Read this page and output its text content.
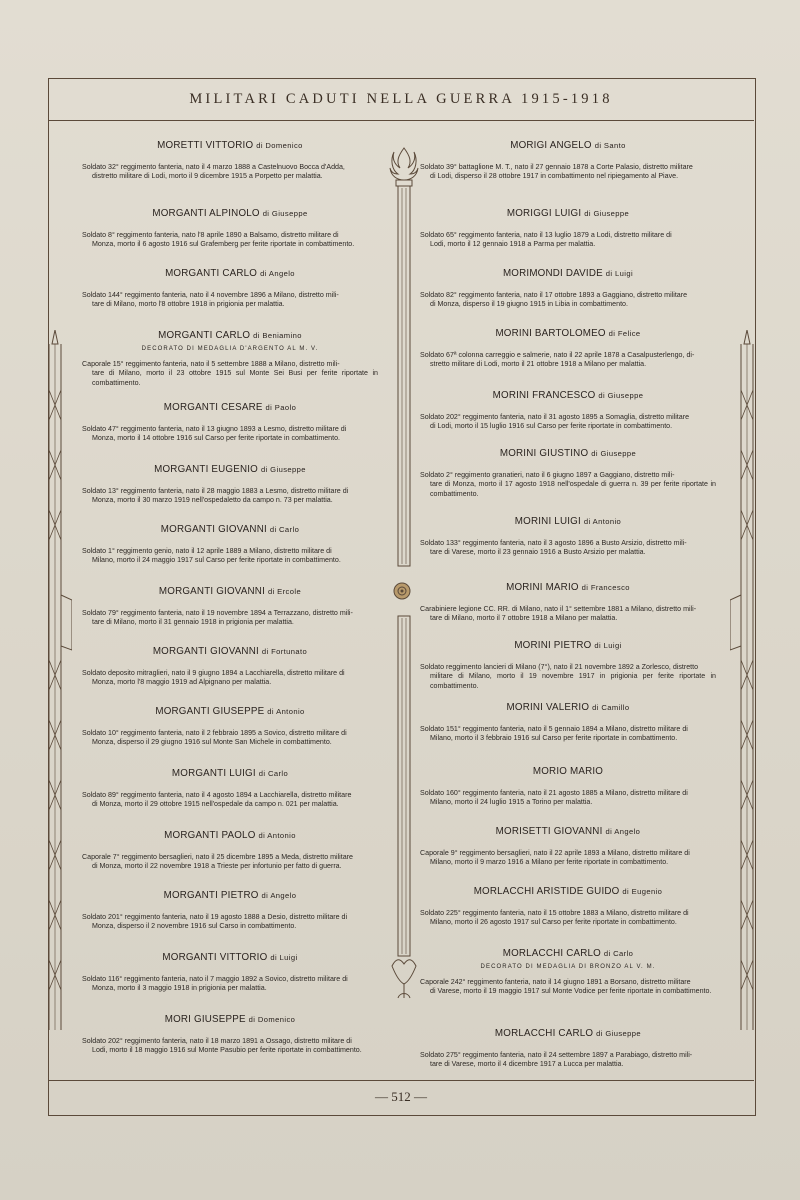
MILITARI CADUTI NELLA GUERRA 1915-1918
MORETTI VITTORIO di Domenico
Soldato 32° reggimento fanteria, nato il 4 marzo 1888 a Castelnuovo Bocca d'Adda,
distretto militare di Lodi, morto il 9 dicembre 1915 a Porpetto per malattia.
MORGANTI ALPINOLO di Giuseppe
Soldato 8° reggimento fanteria, nato l'8 aprile 1890 a Balsamo, distretto militare di
Monza, morto il 6 agosto 1916 sul Grafemberg per ferite riportate in combattimento.
MORGANTI CARLO di Angelo
Soldato 144° reggimento fanteria, nato il 4 novembre 1896 a Milano, distretto mili-
tare di Milano, morto l'8 ottobre 1918 in prigionia per malattia.
MORGANTI CARLO di Beniamino
DECORATO DI MEDAGLIA D'ARGENTO AL M. V.
Caporale 15° reggimento fanteria, nato il 5 settembre 1888 a Milano, distretto mili-
tare di Milano, morto il 23 ottobre 1915 sul Monte Sei Busi per ferite riportate in combattimento.
MORGANTI CESARE di Paolo
Soldato 47° reggimento fanteria, nato il 13 giugno 1893 a Lesmo, distretto militare di
Monza, morto il 14 ottobre 1916 sul Carso per ferite riportate in combattimento.
MORGANTI EUGENIO di Giuseppe
Soldato 13° reggimento fanteria, nato il 28 maggio 1883 a Lesmo, distretto militare di
Monza, morto il 30 marzo 1919 nell'ospedaletto da campo n. 73 per malattia.
MORGANTI GIOVANNI di Carlo
Soldato 1° reggimento genio, nato il 12 aprile 1889 a Milano, distretto militare di
Milano, morto il 24 maggio 1917 sul Carso per ferite riportate in combattimento.
MORGANTI GIOVANNI di Ercole
Soldato 79° reggimento fanteria, nato il 19 novembre 1894 a Terrazzano, distretto mili-
tare di Milano, morto il 31 gennaio 1918 in prigionia per malattia.
MORGANTI GIOVANNI di Fortunato
Soldato deposito mitraglieri, nato il 9 giugno 1894 a Lacchiarella, distretto militare di
Monza, morto l'8 maggio 1919 ad Alpignano per malattia.
MORGANTI GIUSEPPE di Antonio
Soldato 10° reggimento fanteria, nato il 2 febbraio 1895 a Sovico, distretto militare di
Monza, disperso il 29 giugno 1916 sul Monte San Michele in combattimento.
MORGANTI LUIGI di Carlo
Soldato 89° reggimento fanteria, nato il 4 agosto 1894 a Lacchiarella, distretto militare
di Monza, morto il 29 ottobre 1915 nell'ospedale da campo n. 021 per malattia.
MORGANTI PAOLO di Antonio
Caporale 7° reggimento bersaglieri, nato il 25 dicembre 1895 a Meda, distretto militare
di Monza, morto il 22 novembre 1918 a Trieste per infortunio per fatto di guerra.
MORGANTI PIETRO di Angelo
Soldato 201° reggimento fanteria, nato il 19 agosto 1888 a Desio, distretto militare di
Monza, disperso il 2 novembre 1916 sul Carso in combattimento.
MORGANTI VITTORIO di Luigi
Soldato 116° reggimento fanteria, nato il 7 maggio 1892 a Sovico, distretto militare di
Monza, morto il 3 maggio 1918 in prigionia per malattia.
MORI GIUSEPPE di Domenico
Soldato 202° reggimento fanteria, nato il 18 marzo 1891 a Ossago, distretto militare di
Lodi, morto il 18 maggio 1916 sul Monte Pasubio per ferite riportate in combattimento.
MORIGI ANGELO di Santo
Soldato 39° battaglione M. T., nato il 27 gennaio 1878 a Corte Palasio, distretto militare
di Lodi, disperso il 28 ottobre 1917 in combattimento nel ripiegamento al Piave.
MORIGGI LUIGI di Giuseppe
Soldato 65° reggimento fanteria, nato il 13 luglio 1879 a Lodi, distretto militare di
Lodi, morto il 12 gennaio 1918 a Parma per malattia.
MORIMONDI DAVIDE di Luigi
Soldato 82° reggimento fanteria, nato il 17 ottobre 1893 a Gaggiano, distretto militare
di Monza, disperso il 19 giugno 1915 in Libia in combattimento.
MORINI BARTOLOMEO di Felice
Soldato 67ª colonna carreggio e salmerie, nato il 22 aprile 1878 a Casalpusterlengo, di-
stretto militare di Lodi, morto il 21 ottobre 1918 a Milano per malattia.
MORINI FRANCESCO di Giuseppe
Soldato 202° reggimento fanteria, nato il 31 agosto 1895 a Somaglia, distretto militare
di Lodi, morto il 15 luglio 1916 sul Carso per ferite riportate in combattimento.
MORINI GIUSTINO di Giuseppe
Soldato 2° reggimento granatieri, nato il 6 giugno 1897 a Gaggiano, distretto mili-
tare di Monza, morto il 17 agosto 1918 nell'ospedale di guerra n. 39 per ferite riportate in combattimento.
MORINI LUIGI di Antonio
Soldato 133° reggimento fanteria, nato il 3 agosto 1896 a Busto Arsizio, distretto mili-
tare di Varese, morto il 23 gennaio 1916 a Busto Arsizio per malattia.
MORINI MARIO di Francesco
Carabiniere legione CC. RR. di Milano, nato il 1° settembre 1881 a Milano, distretto mili-
tare di Milano, morto il 7 ottobre 1918 a Milano per malattia.
MORINI PIETRO di Luigi
Soldato reggimento lancieri di Milano (7°), nato il 21 novembre 1892 a Zorlesco, distretto
militare di Milano, morto il 19 novembre 1917 in prigionia per ferite riportate in combattimento.
MORINI VALERIO di Camillo
Soldato 151° reggimento fanteria, nato il 5 gennaio 1894 a Milano, distretto militare di
Milano, morto il 3 febbraio 1916 sul Carso per ferite riportate in combattimento.
MORIO MARIO
Soldato 160° reggimento fanteria, nato il 21 agosto 1885 a Milano, distretto militare di
Milano, morto il 24 luglio 1915 a Torino per malattia.
MORISETTI GIOVANNI di Angelo
Caporale 9° reggimento bersaglieri, nato il 22 aprile 1893 a Milano, distretto militare di
Milano, morto il 9 marzo 1916 a Milano per ferite riportate in combattimento.
MORLACCHI ARISTIDE GUIDO di Eugenio
Soldato 225° reggimento fanteria, nato il 15 ottobre 1883 a Milano, distretto militare di
Milano, morto il 26 agosto 1917 sul Carso per ferite riportate in combattimento.
MORLACCHI CARLO di Carlo
DECORATO DI MEDAGLIA DI BRONZO AL V. M.
Caporale 242° reggimento fanteria, nato il 14 giugno 1891 a Borsano, distretto militare
di Varese, morto il 19 maggio 1917 sul Monte Vodice per ferite riportate in combattimento.
MORLACCHI CARLO di Giuseppe
Soldato 275° reggimento fanteria, nato il 24 settembre 1897 a Parabiago, distretto mili-
tare di Varese, morto il 4 dicembre 1917 a Lucca per malattia.
— 512 —
